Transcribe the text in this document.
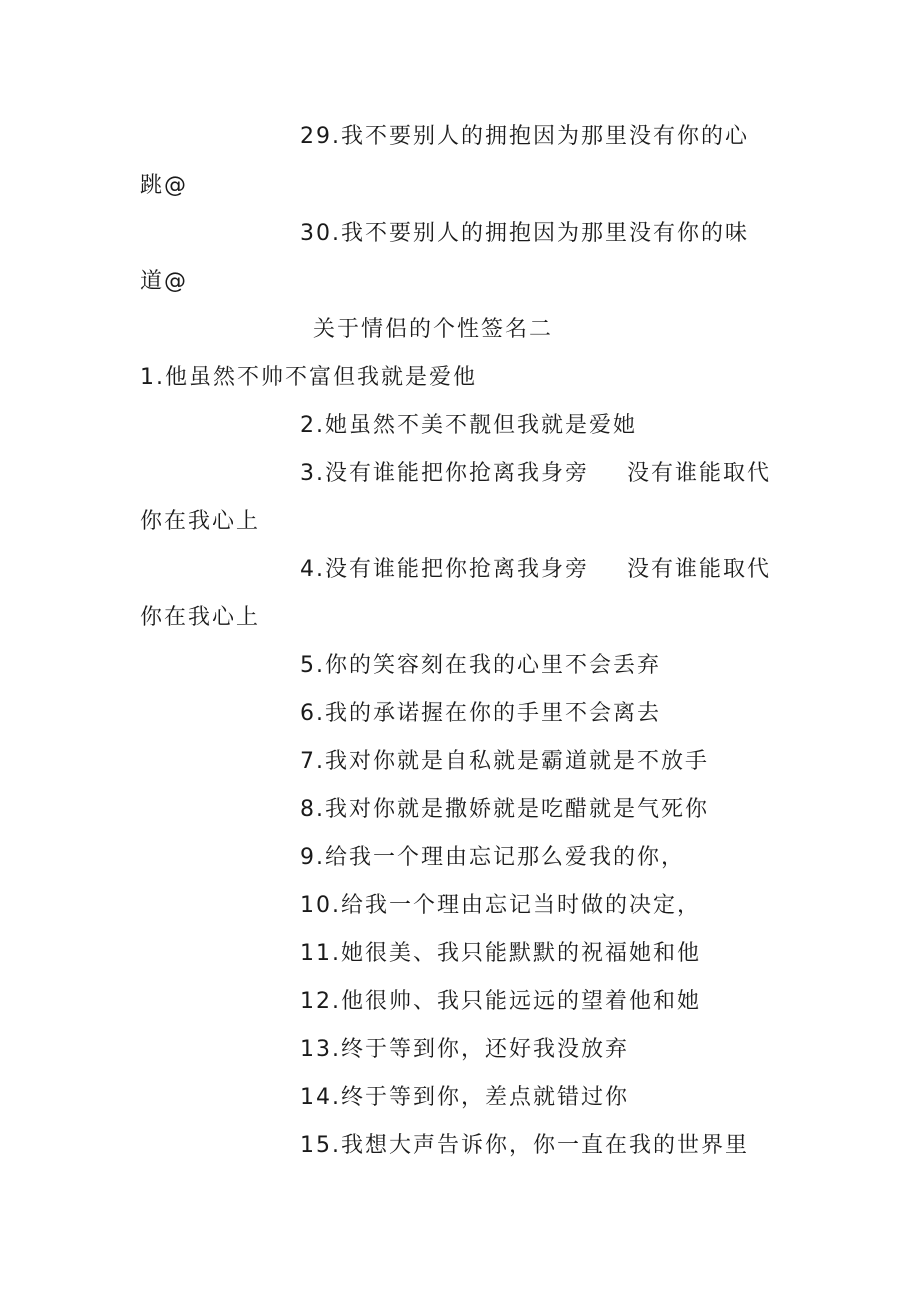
29.我不要别人的拥抱因为那里没有你的心
跳@
30.我不要别人的拥抱因为那里没有你的味
道@
关于情侣的个性签名二
1.他虽然不帅不富但我就是爱他
2.她虽然不美不靓但我就是爱她
3.没有谁能把你抢离我身旁 没有谁能取代
你在我心上
4.没有谁能把你抢离我身旁 没有谁能取代
你在我心上
5.你的笑容刻在我的心里不会丢弃
6.我的承诺握在你的手里不会离去
7.我对你就是自私就是霸道就是不放手
8.我对你就是撒娇就是吃醋就是气死你
9.给我一个理由忘记那么爱我的你，
10.给我一个理由忘记当时做的决定，
11.她很美、我只能默默的祝福她和他
12.他很帅、我只能远远的望着他和她
13.终于等到你，还好我没放弃
14.终于等到你，差点就错过你
15.我想大声告诉你，你一直在我的世界里
